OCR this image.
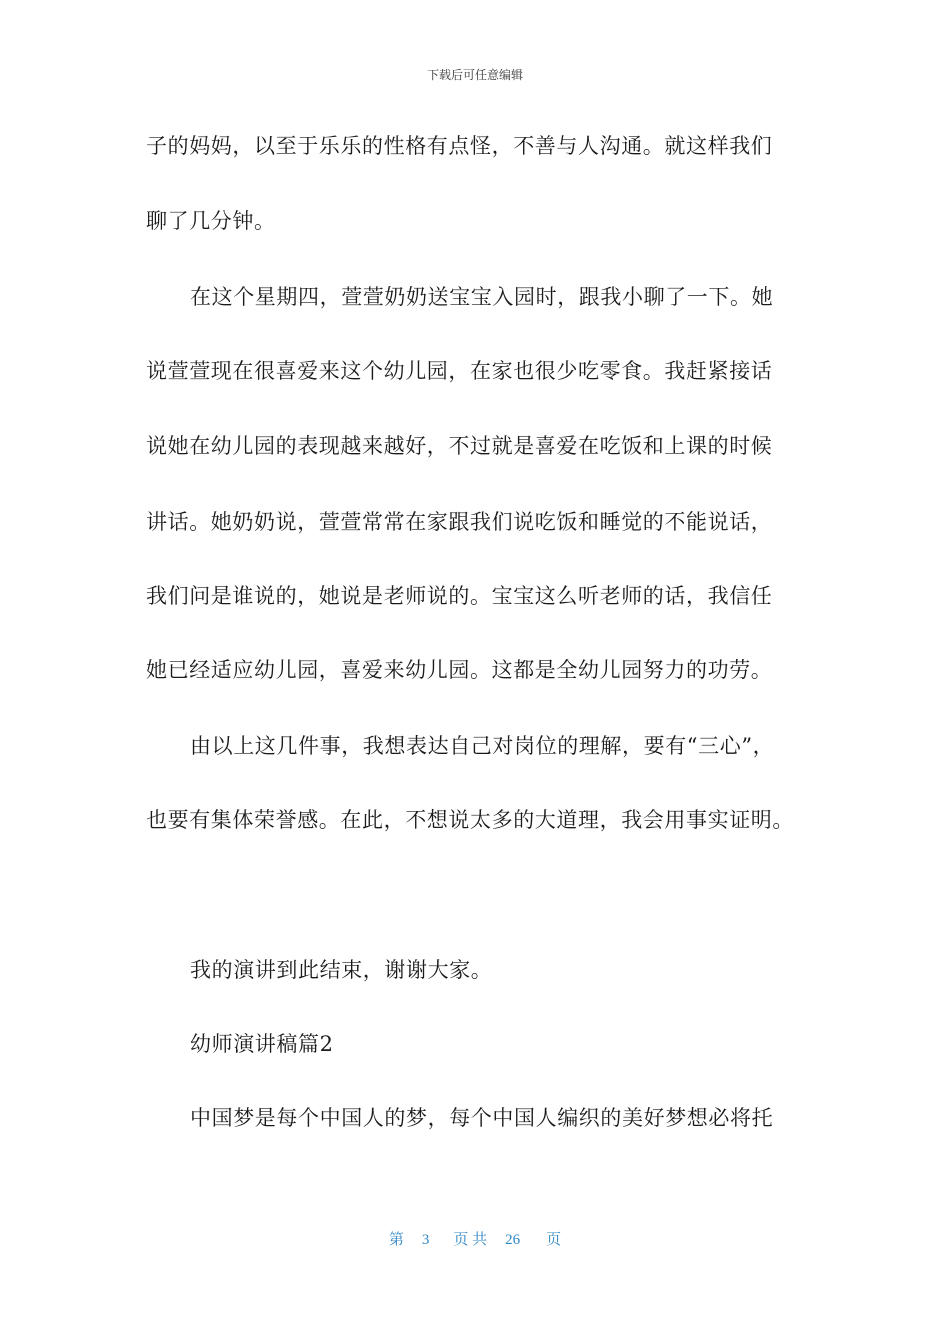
下载后可任意编辑
子的妈妈，以至于乐乐的性格有点怪，不善与人沟通。就这样我们
聊了几分钟。
在这个星期四，萱萱奶奶送宝宝入园时，跟我小聊了一下。她
说萱萱现在很喜爱来这个幼儿园，在家也很少吃零食。我赶紧接话
说她在幼儿园的表现越来越好，不过就是喜爱在吃饭和上课的时候
讲话。她奶奶说，萱萱常常在家跟我们说吃饭和睡觉的不能说话，
我们问是谁说的，她说是老师说的。宝宝这么听老师的话，我信任
她已经适应幼儿园，喜爱来幼儿园。这都是全幼儿园努力的功劳。
由以上这几件事，我想表达自己对岗位的理解，要有“三心”，
也要有集体荣誉感。在此，不想说太多的大道理，我会用事实证明。
我的演讲到此结束，谢谢大家。
幼师演讲稿篇2
中国梦是每个中国人的梦，每个中国人编织的美好梦想必将托
第 3 页 共 26 页
